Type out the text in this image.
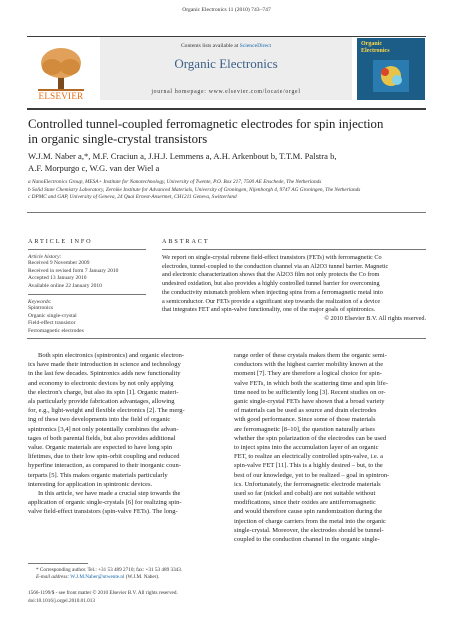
Organic Electronics 11 (2010) 743–747
ELSEVIER
Contents lists available at ScienceDirect
Organic Electronics
journal homepage: www.elsevier.com/locate/orgel
Organic
Electronics
Controlled tunnel-coupled ferromagnetic electrodes for spin injection
in organic single-crystal transistors
W.J.M. Naber a,*, M.F. Craciun a, J.H.J. Lemmens a, A.H. Arkenbout b, T.T.M. Palstra b,
A.F. Morpurgo c, W.G. van der Wiel a
a NanoElectronics Group, MESA+ Institute for Nanotechnology, University of Twente, P.O. Box 217, 7500 AE Enschede, The Netherlands
b Solid State Chemistry Laboratory, Zernike Institute for Advanced Materials, University of Groningen, Nijenborgh 4, 9747 AG Groningen, The Netherlands
c DPMC and GAP, University of Geneva, 24 Quai Ernest-Ansermet, CH1211 Geneva, Switzerland
ARTICLE INFO	ABSTRACT
Article history:
Received 9 November 2009
Received in revised form 7 January 2010
Accepted 13 January 2010
Available online 22 January 2010
Keywords:
Spintronics
Organic single-crystal
Field-effect transistor
Ferromagnetic electrodes
We report on single-crystal rubrene field-effect transistors (FETs) with ferromagnetic Co
electrodes, tunnel-coupled to the conduction channel via an Al2O3 tunnel barrier. Magnetic
and electronic characterization shows that the Al2O3 film not only protects the Co from
undesired oxidation, but also provides a highly controlled tunnel barrier for overcoming
the conductivity mismatch problem when injecting spins from a ferromagnetic metal into
a semiconductor. Our FETs provide a significant step towards the realization of a device
that integrates FET and spin-valve functionality, one of the major goals of spintronics.
© 2010 Elsevier B.V. All rights reserved.
Both spin electronics (spintronics) and organic electron-
ics have made their introduction in science and technology
in the last few decades. Spintronics adds new functionality
and economy to electronic devices by not only applying
the electron's charge, but also its spin [1]. Organic materi-
als particularly provide fabrication advantages, allowing
for, e.g., light-weight and flexible electronics [2]. The merg-
ing of these two developments into the field of organic
spintronics [3,4] not only potentially combines the advan-
tages of both parental fields, but also provides additional
value. Organic materials are expected to have long spin
lifetimes, due to their low spin-orbit coupling and reduced
hyperfine interaction, as compared to their inorganic coun-
terparts [5]. This makes organic materials particularly
interesting for application in spintronic devices.
In this article, we have made a crucial step towards the
application of organic single-crystals [6] for realizing spin-
valve field-effect transistors (spin-valve FETs). The long-
range order of these crystals makes them the organic semi-
conductors with the highest carrier mobility known at the
moment [7]. They are therefore a logical choice for spin-
valve FETs, in which both the scattering time and spin life-
time need to be sufficiently long [3]. Recent studies on or-
ganic single-crystal FETs have shown that a broad variety
of materials can be used as source and drain electrodes
with good performance. Since some of those materials
are ferromagnetic [8–10], the question naturally arises
whether the spin polarization of the electrodes can be used
to inject spins into the accumulation layer of an organic
FET, to realize an electrically controlled spin-valve, i.e. a
spin-valve FET [11]. This is a highly desired – but, to the
best of our knowledge, yet to be realized – goal in spintron-
ics. Unfortunately, the ferromagnetic electrode materials
used so far (nickel and cobalt) are not suitable without
modifications, since their oxides are antiferromagnetic
and would therefore cause spin randomization during the
injection of charge carriers from the metal into the organic
single-crystal. Moreover, the electrodes should be tunnel-
coupled to the conduction channel in the organic single-
* Corresponding author. Tel.: +31 53 489 2710; fax: +31 53 489 3343.
E-mail address: W.J.M.Naber@utwente.nl (W.J.M. Naber).
1566-1199/$ - see front matter © 2010 Elsevier B.V. All rights reserved.
doi:10.1016/j.orgel.2010.01.013
